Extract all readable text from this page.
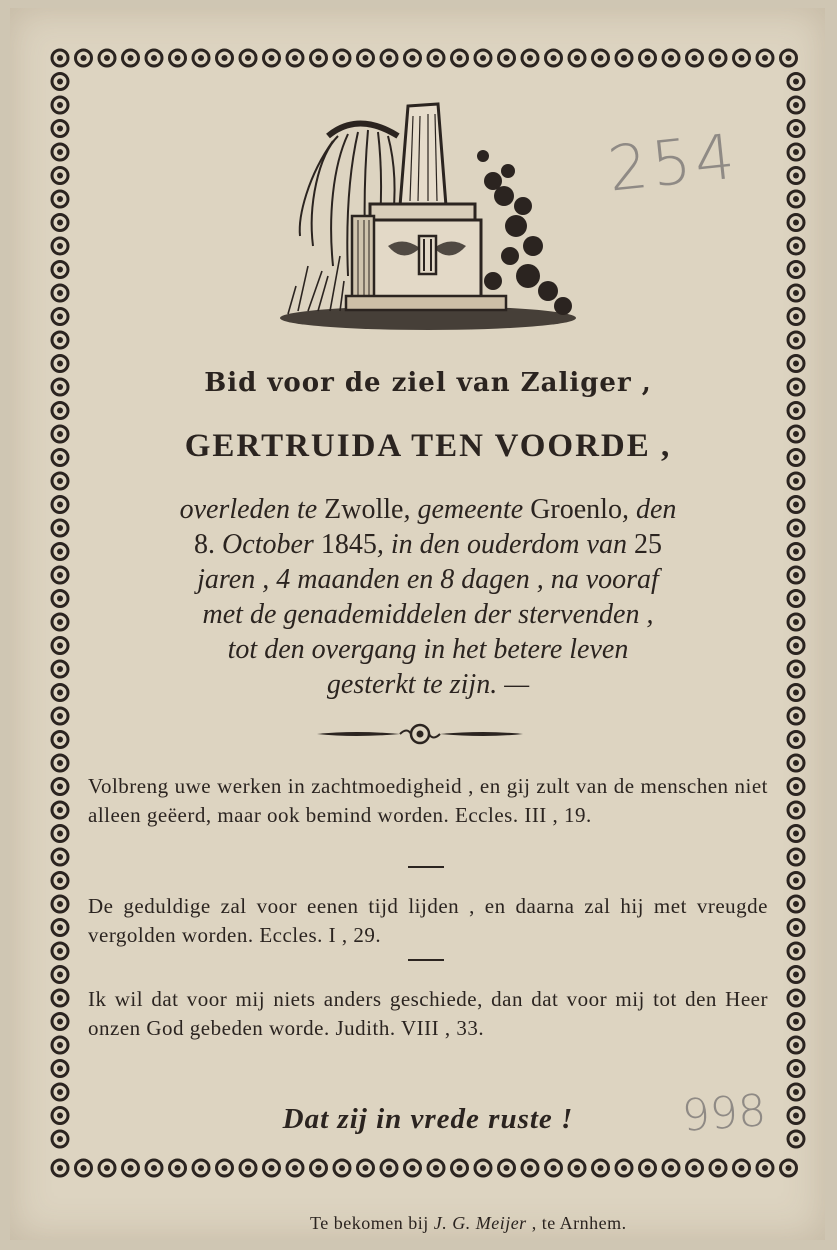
Bid voor de ziel van Zaliger ,
GERTRUIDA TEN VOORDE ,
overleden te Zwolle, gemeente Groenlo, den
8. October 1845, in den ouderdom van 25
jaren , 4 maanden en 8 dagen , na vooraf
met de genademiddelen der stervenden ,
tot den overgang in het betere leven
gesterkt te zijn. —
Volbreng uwe werken in zachtmoedigheid , en gij zult van de menschen niet alleen geëerd, maar ook bemind worden. Eccles. III , 19.
De geduldige zal voor eenen tijd lijden , en daarna zal hij met vreugde vergolden worden. Eccles. I , 29.
Ik wil dat voor mij niets anders geschiede, dan dat voor mij tot den Heer onzen God gebeden worde. Judith. VIII , 33.
Dat zij in vrede ruste !
Te bekomen bij J. G. Meijer , te Arnhem.
254
998
